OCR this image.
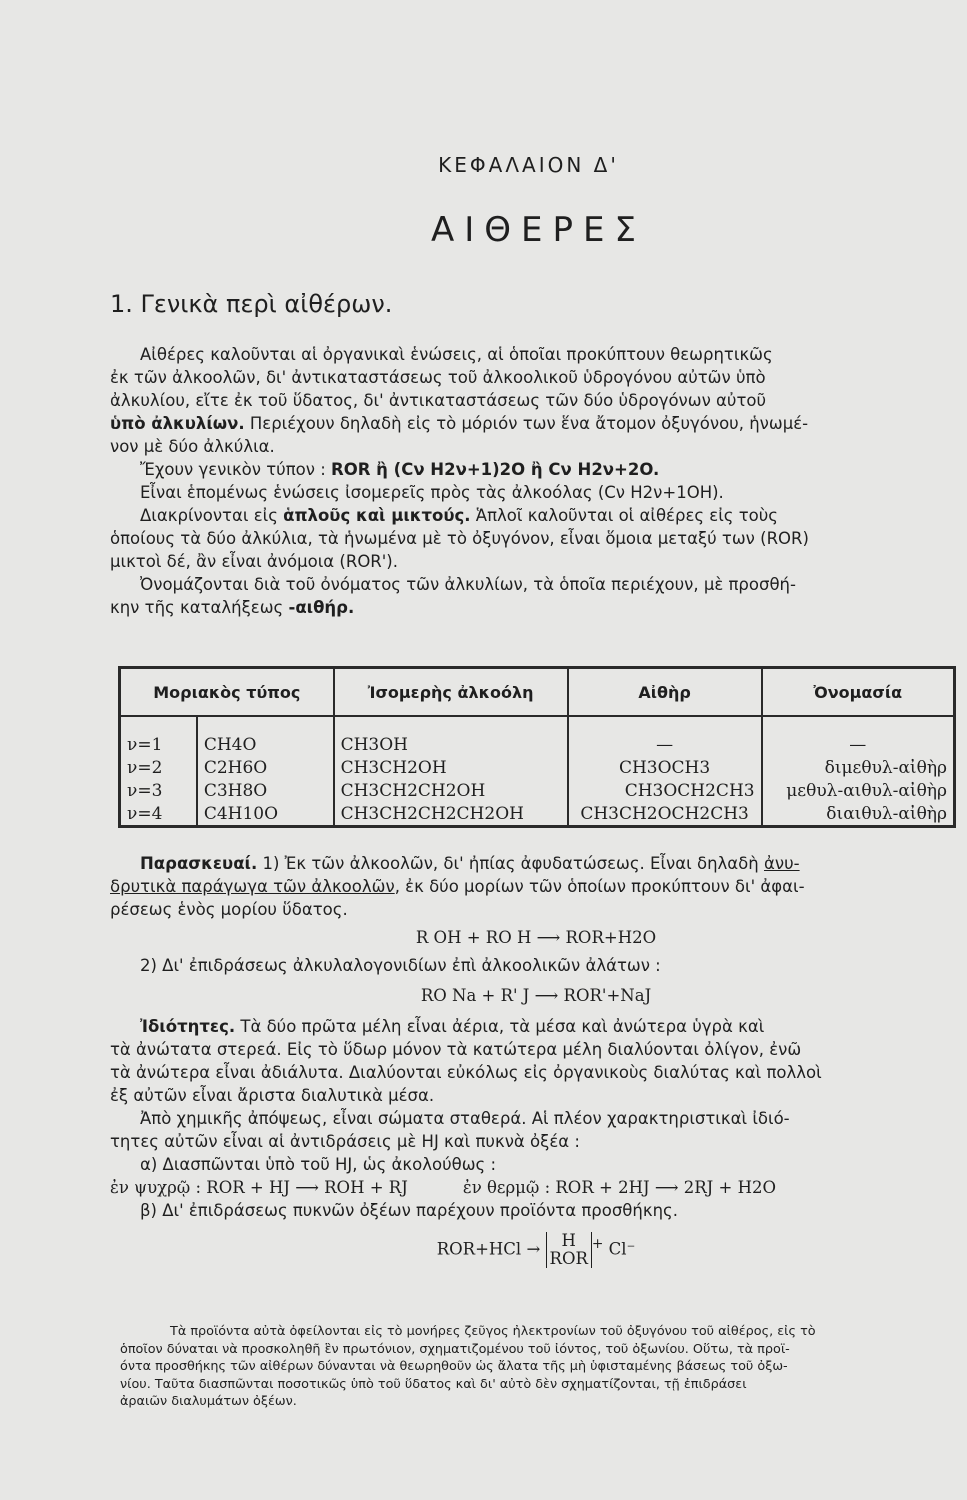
ΚΕΦΑΛΑΙΟΝ Δ'
ΑΙΘΕΡΕΣ
1. Γενικὰ περὶ αἰθέρων.
Αἰθέρες καλοῦνται αἱ ὀργανικαὶ ἑνώσεις, αἱ ὁποῖαι προκύπτουν θεωρητικῶς
ἐκ τῶν ἀλκοολῶν, δι' ἀντικαταστάσεως τοῦ ἀλκοολικοῦ ὑδρογόνου αὐτῶν ὑπὸ
ἀλκυλίου, εἴτε ἐκ τοῦ ὕδατος, δι' ἀντικαταστάσεως τῶν δύο ὑδρογόνων αὐτοῦ
ὑπὸ ἀλκυλίων. Περιέχουν δηλαδὴ εἰς τὸ μόριόν των ἕνα ἄτομον ὀξυγόνου, ἡνωμέ-
νον μὲ δύο ἀλκύλια.
Ἔχουν γενικὸν τύπον : ROR ἢ (Cν H2ν+1)2O ἢ Cν H2ν+2O.
Εἶναι ἑπομένως ἑνώσεις ἰσομερεῖς πρὸς τὰς ἀλκοόλας (Cν H2ν+1OH).
Διακρίνονται εἰς ἁπλοῦς καὶ μικτούς. Ἁπλοῖ καλοῦνται οἱ αἰθέρες εἰς τοὺς
ὁποίους τὰ δύο ἀλκύλια, τὰ ἡνωμένα μὲ τὸ ὀξυγόνον, εἶναι ὅμοια μεταξύ των (ROR)
μικτοὶ δέ, ἂν εἶναι ἀνόμοια (ROR').
Ὀνομάζονται διὰ τοῦ ὀνόματος τῶν ἀλκυλίων, τὰ ὁποῖα περιέχουν, μὲ προσθή-
κην τῆς καταλήξεως -αιθήρ.
Μοριακὸς τύπος		Ἰσομερὴς ἀλκοόλη	Αἰθὴρ	Ὀνομασία

ν=1	CH4O	CH3OH	—	—
ν=2	C2H6O	CH3CH2OH	CH3OCH3	διμεθυλ-αἰθὴρ
ν=3	C3H8O	CH3CH2CH2OH	CH3OCH2CH3	μεθυλ-αιθυλ-αἰθὴρ
ν=4	C4H10O	CH3CH2CH2CH2OH	CH3CH2OCH2CH3	διαιθυλ-αἰθὴρ
Παρασκευαί. 1) Ἐκ τῶν ἀλκοολῶν, δι' ἠπίας ἀφυδατώσεως. Εἶναι δηλαδὴ ἀνυ-
δρυτικὰ παράγωγα τῶν ἀλκοολῶν, ἐκ δύο μορίων τῶν ὁποίων προκύπτουν δι' ἀφαι-
ρέσεως ἑνὸς μορίου ὕδατος.
R OH + RO H ⟶ ROR+H2O
2) Δι' ἐπιδράσεως ἀλκυλαλογονιδίων ἐπὶ ἀλκοολικῶν ἀλάτων :
RO Na + R' J ⟶ ROR'+NaJ
Ἰδιότητες. Τὰ δύο πρῶτα μέλη εἶναι ἀέρια, τὰ μέσα καὶ ἀνώτερα ὑγρὰ καὶ
τὰ ἀνώτατα στερεά. Εἰς τὸ ὕδωρ μόνον τὰ κατώτερα μέλη διαλύονται ὀλίγον, ἐνῶ
τὰ ἀνώτερα εἶναι ἀδιάλυτα. Διαλύονται εὐκόλως εἰς ὀργανικοὺς διαλύτας καὶ πολλοὶ
ἐξ αὐτῶν εἶναι ἄριστα διαλυτικὰ μέσα.
Ἀπὸ χημικῆς ἀπόψεως, εἶναι σώματα σταθερά. Αἱ πλέον χαρακτηριστικαὶ ἰδιό-
τητες αὐτῶν εἶναι αἱ ἀντιδράσεις μὲ HJ καὶ πυκνὰ ὀξέα :
α) Διασπῶνται ὑπὸ τοῦ HJ, ὡς ἀκολούθως :
ἐν ψυχρῷ : ROR + HJ ⟶ ROH + RJ	ἐν θερμῷ : ROR + 2HJ ⟶ 2RJ + H2O
β) Δι' ἐπιδράσεως πυκνῶν ὀξέων παρέχουν προϊόντα προσθήκης.
ROR+HCl → H
ROR+ Cl⁻
Τὰ προϊόντα αὐτὰ ὀφείλονται εἰς τὸ μονήρες ζεῦγος ἠλεκτρονίων τοῦ ὀξυγόνου τοῦ αἰθέρος, εἰς τὸ
ὁποῖον δύναται νὰ προσκοληθῆ ἓν πρωτόνιον, σχηματιζομένου τοῦ ἰόντος, τοῦ ὀξωνίου. Οὕτω, τὰ προϊ-
όντα προσθήκης τῶν αἰθέρων δύνανται νὰ θεωρηθοῦν ὡς ἄλατα τῆς μὴ ὑφισταμένης βάσεως τοῦ ὀξω-
νίου. Ταῦτα διασπῶνται ποσοτικῶς ὑπὸ τοῦ ὕδατος καὶ δι' αὐτὸ δὲν σχηματίζονται, τῇ ἐπιδράσει
ἀραιῶν διαλυμάτων ὀξέων.
